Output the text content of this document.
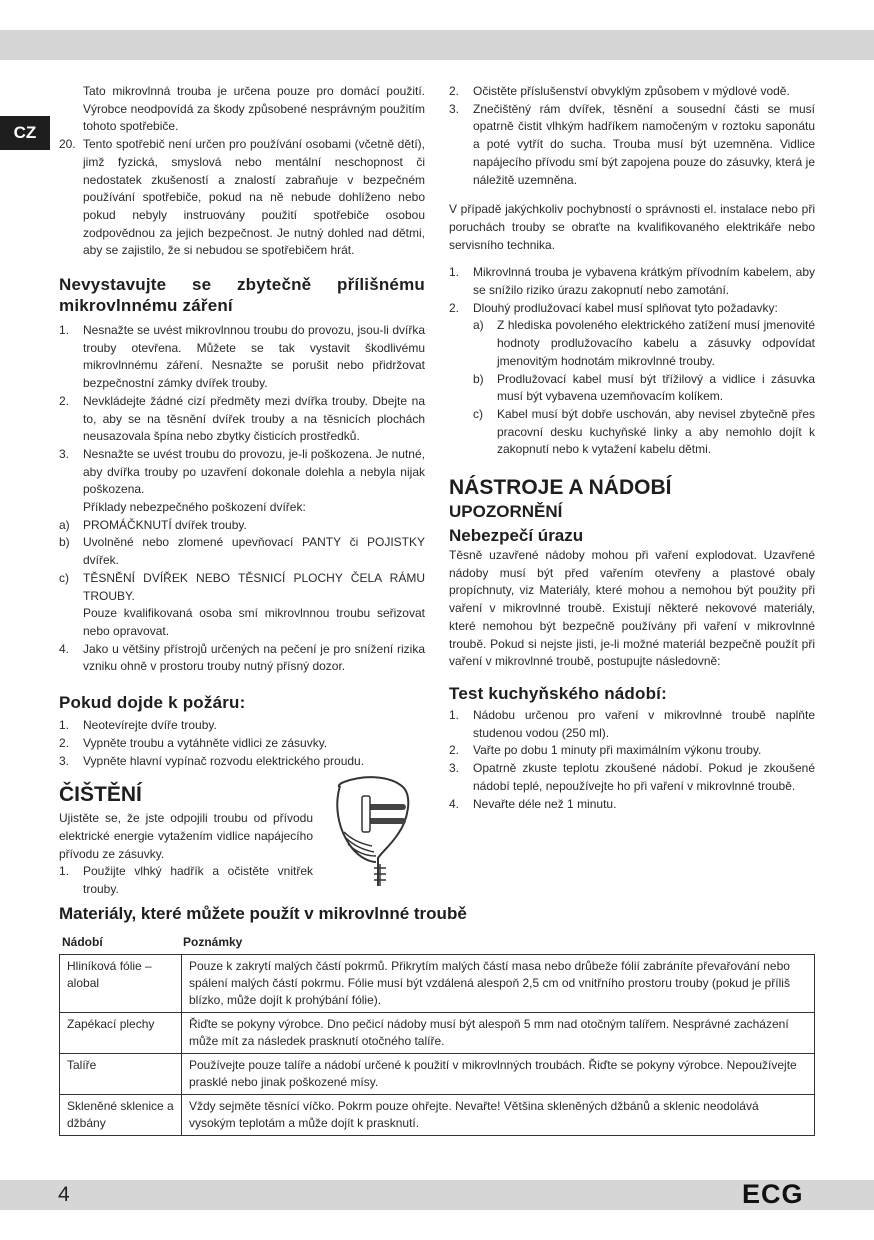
CZ

Tato mikrovlnná trouba je určena pouze pro domácí použití. Výrobce neodpovídá za škody způsobené nesprávným použitím tohoto spotřebiče.

20. Tento spotřebič není určen pro používání osobami (včetně dětí), jimž fyzická, smyslová nebo mentální neschopnost či nedostatek zkušeností a znalostí zabraňuje v bezpečném používání spotřebiče, pokud na ně nebude dohlíženo nebo pokud nebyly instruovány použití spotřebiče osobou zodpovědnou za jejich bezpečnost. Je nutný dohled nad dětmi, aby se zajistilo, že si nebudou se spotřebičem hrát.

Nevystavujte se zbytečně přílišnému mikrovlnnému záření

1. Nesnažte se uvést mikrovlnnou troubu do provozu, jsou-li dvířka trouby otevřena. Můžete se tak vystavit škodlivému mikrovlnnému záření. Nesnažte se porušit nebo přidržovat bezpečnostní zámky dvířek trouby.

2. Nevkládejte žádné cizí předměty mezi dvířka trouby. Dbejte na to, aby se na těsnění dvířek trouby a na těsnicích plochách neusazovala špína nebo zbytky čisticích prostředků.

3. Nesnažte se uvést troubu do provozu, je-li poškozena. Je nutné, aby dvířka trouby po uzavření dokonale dolehla a nebyla nijak poškozena.

Příklady nebezpečného poškození dvířek:

a) PROMÁČKNUTÍ dvířek trouby.

b) Uvolněné nebo zlomené upevňovací PANTY či POJISTKY dvířek.

c) TĚSNĚNÍ DVÍŘEK NEBO TĚSNICÍ PLOCHY ČELA RÁMU TROUBY.

Pouze kvalifikovaná osoba smí mikrovlnnou troubu seřizovat nebo opravovat.

4. Jako u většiny přístrojů určených na pečení je pro snížení rizika vzniku ohně v prostoru trouby nutný přísný dozor.

Pokud dojde k požáru:

1. Neotevírejte dvíře trouby.

2. Vypněte troubu a vytáhněte vidlici ze zásuvky.

3. Vypněte hlavní vypínač rozvodu elektrického proudu.

ČIŠTĚNÍ

Ujistěte se, že jste odpojili troubu od přívodu elektrické energie vytažením vidlice napájecího přívodu ze zásuvky.

1. Použijte vlhký hadřík a očistěte vnitřek trouby.

2. Očistěte příslušenství obvyklým způsobem v mýdlové vodě.

3. Znečištěný rám dvířek, těsnění a sousední části se musí opatrně čistit vlhkým hadříkem namočeným v roztoku saponátu a poté vytřít do sucha. Trouba musí být uzemněna. Vidlice napájecího přívodu smí být zapojena pouze do zásuvky, která je náležitě uzemněna.

V případě jakýchkoliv pochybností o správnosti el. instalace nebo při poruchách trouby se obraťte na kvalifikovaného elektrikáře nebo servisního technika.

1. Mikrovlnná trouba je vybavena krátkým přívodním kabelem, aby se snížilo riziko úrazu zakopnutí nebo zamotání.

2. Dlouhý prodlužovací kabel musí splňovat tyto požadavky:

a) Z hlediska povoleného elektrického zatížení musí jmenovité hodnoty prodlužovacího kabelu a zásuvky odpovídat jmenovitým hodnotám mikrovlnné trouby.

b) Prodlužovací kabel musí být třížilový a vidlice i zásuvka musí být vybavena uzemňovacím kolíkem.

c) Kabel musí být dobře uschován, aby nevisel zbytečně přes pracovní desku kuchyňské linky a aby nemohlo dojít k zakopnutí nebo k vytažení kabelu dětmi.

NÁSTROJE A NÁDOBÍ

UPOZORNĚNÍ

Nebezpečí úrazu

Těsně uzavřené nádoby mohou při vaření explodovat. Uzavřené nádoby musí být před vařením otevřeny a plastové obaly propíchnuty, viz Materiály, které mohou a nemohou být použity při vaření v mikrovlnné troubě. Existují některé nekovové materiály, které nemohou být bezpečně používány při vaření v mikrovlnné troubě. Pokud si nejste jisti, je-li možné materiál bezpečně použít při vaření v mikrovlnné troubě, postupujte následovně:

Test kuchyňského nádobí:

1. Nádobu určenou pro vaření v mikrovlnné troubě naplňte studenou vodou (250 ml).

2. Vařte po dobu 1 minuty při maximálním výkonu trouby.

3. Opatrně zkuste teplotu zkoušené nádobí. Pokud je zkoušené nádobí teplé, nepoužívejte ho při vaření v mikrovlnné troubě.

4. Nevařte déle než 1 minutu.

Materiály, které můžete použít v mikrovlnné troubě
Nádobí	Poznámky
Hliníková fólie – alobal	Pouze k zakrytí malých částí pokrmů. Přikrytím malých částí masa nebo drůbeže fólií zabráníte převařování nebo spálení malých částí pokrmu. Fólie musí být vzdálená alespoň 2,5 cm od vnitřního prostoru trouby (pokud je příliš blízko, může dojít k prohýbání fólie).
Zapékací plechy	Řiďte se pokyny výrobce. Dno pečicí nádoby musí být alespoň 5 mm nad otočným talířem. Nesprávné zacházení může mít za následek prasknutí otočného talíře.
Talíře	Používejte pouze talíře a nádobí určené k použití v mikrovlnných troubách. Řiďte se pokyny výrobce. Nepoužívejte prasklé nebo jinak poškozené mísy.
Skleněné sklenice a džbány	Vždy sejměte těsnící víčko. Pokrm pouze ohřejte. Nevařte! Většina skleněných džbánů a sklenic neodolává vysokým teplotám a může dojít k prasknutí.
4	ECG
